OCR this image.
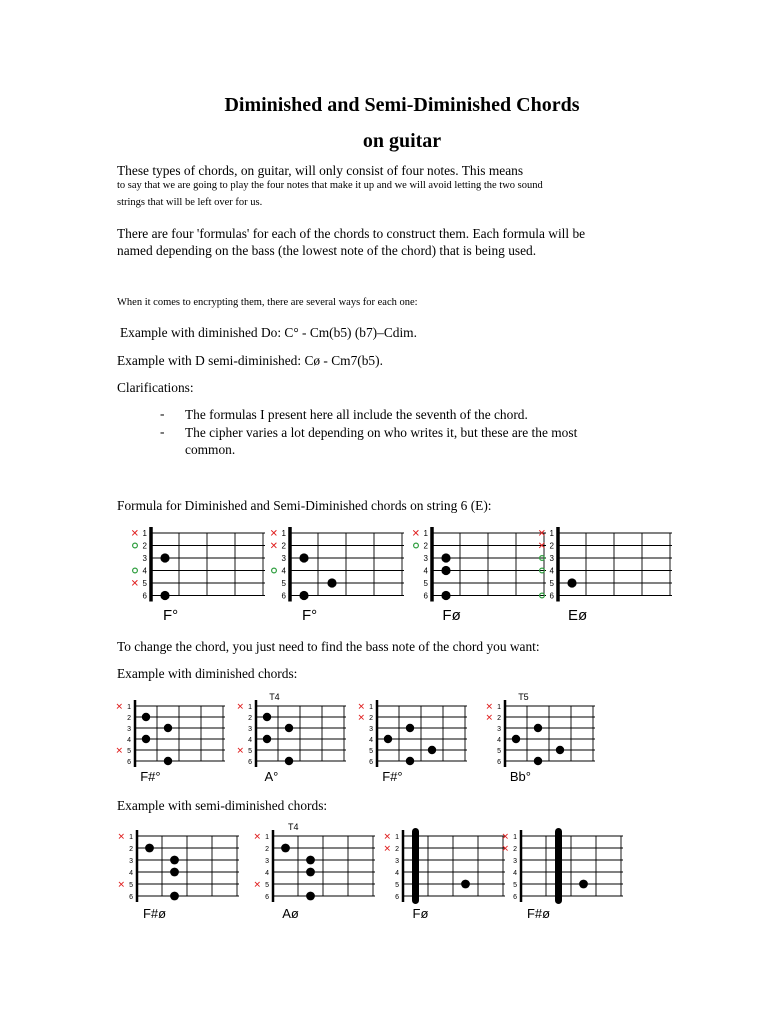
Diminished and Semi-Diminished Chords
on guitar

These types of chords, on guitar, will only consist of four notes. This means

to say that we are going to play the four notes that make it up and we will avoid letting the two sound

strings that will be left over for us.

There are four 'formulas' for each of the chords to construct them. Each formula will be

named depending on the bass (the lowest note of the chord) that is being used.

When it comes to encrypting them, there are several ways for each one:

Example with diminished Do: C° - Cm(b5) (b7)–Cdim.

Example with D semi-diminished: Cø - Cm7(b5).

Clarifications:

- The formulas I present here all include the seventh of the chord.

- The cipher varies a lot depending on who writes it, but these are the most

common.

Formula for Diminished and Semi-Diminished chords on string 6 (E):

1
✕
2
3
4
5
✕
6
F°
1
✕
2
✕
3
4
5
6
F°
1
✕
2
3
4
5
6
Fø
1
✕
2
✕
3
4
5
6
Eø

To change the chord, you just need to find the bass note of the chord you want:

Example with diminished chords:

1
✕
2
3
4
5
✕
6
F#°
T4
1
✕
2
3
4
5
✕
6
A°
1
✕
2
✕
3
4
5
6
F#°
T5
1
✕
2
✕
3
4
5
6
Bb°

Example with semi-diminished chords:

1
✕
2
3
4
5
✕
6
F#ø
T4
1
✕
2
3
4
5
✕
6
Aø
1
✕
2
✕
3
4
5
6
Fø
1
✕
2
✕
3
4
5
6
F#ø
